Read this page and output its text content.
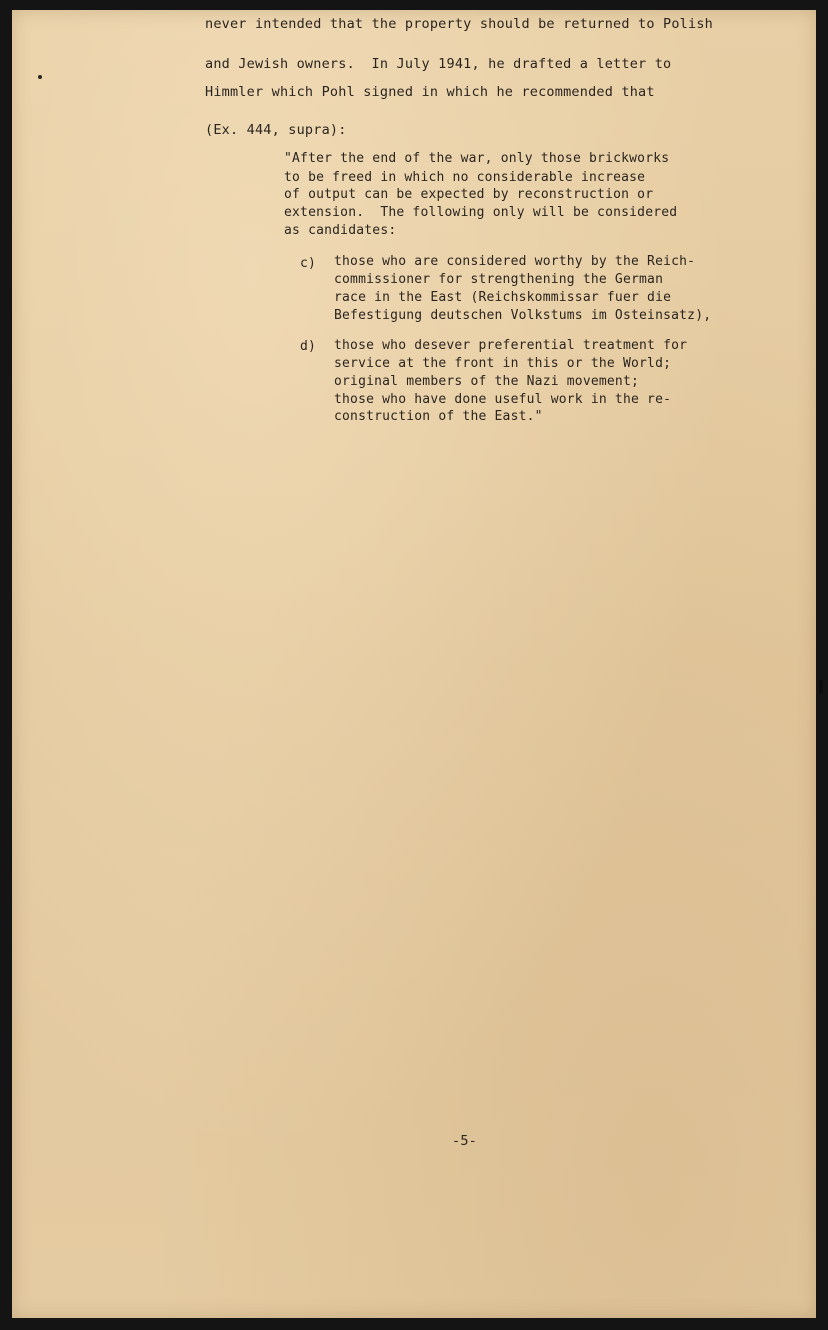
never intended that the property should be returned to Polish
and Jewish owners.  In July 1941, he drafted a letter to
Himmler which Pohl signed in which he recommended that
(Ex. 444, supra):
"After the end of the war, only those brickworks
to be freed in which no considerable increase
of output can be expected by reconstruction or
extension.  The following only will be considered
as candidates:
c) those who are considered worthy by the Reich-
commissioner for strengthening the German
race in the East (Reichskommissar fuer die
Befestigung deutschen Volkstums im Osteinsatz),
d) those who desever preferential treatment for
service at the front in this or the World;
original members of the Nazi movement;
those who have done useful work in the re-
construction of the East."
-5-
